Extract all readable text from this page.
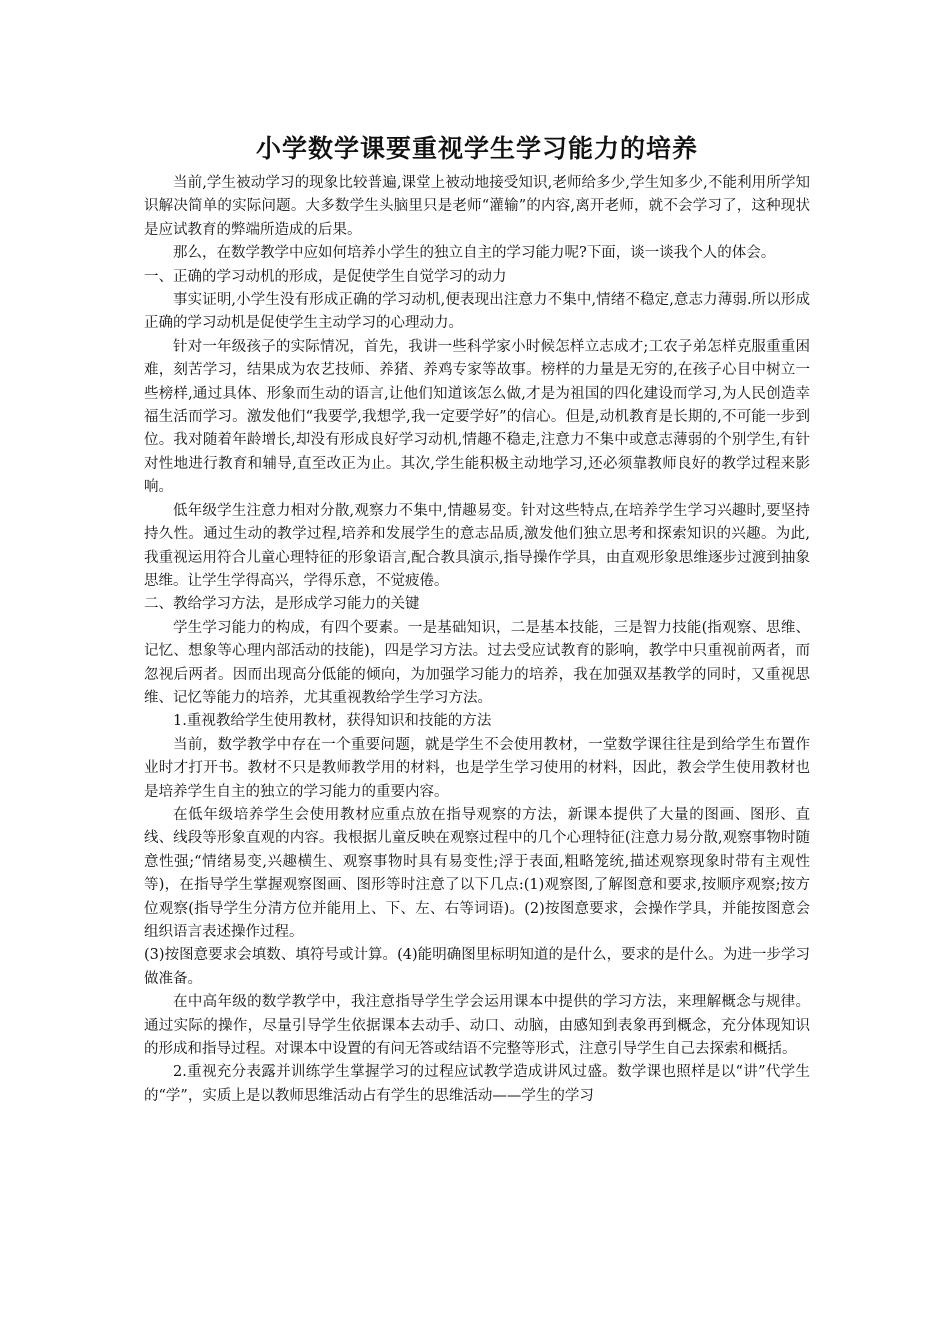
小学数学课要重视学生学习能力的培养

当前,学生被动学习的现象比较普遍,课堂上被动地接受知识,老师给多少,学生知多少,不能利用所学知识解决简单的实际问题。大多数学生头脑里只是老师“灌输”的内容,离开老师，就不会学习了，这种现状是应试教育的弊端所造成的后果。

那么，在数学教学中应如何培养小学生的独立自主的学习能力呢?下面，谈一谈我个人的体会。

一、正确的学习动机的形成，是促使学生自觉学习的动力

事实证明,小学生没有形成正确的学习动机,便表现出注意力不集中,情绪不稳定,意志力薄弱.所以形成正确的学习动机是促使学生主动学习的心理动力。

针对一年级孩子的实际情况，首先，我讲一些科学家小时候怎样立志成才;工农子弟怎样克服重重困难，刻苦学习，结果成为农艺技师、养猪、养鸡专家等故事。榜样的力量是无穷的,在孩子心目中树立一些榜样,通过具体、形象而生动的语言,让他们知道该怎么做,才是为祖国的四化建设而学习,为人民创造幸福生活而学习。激发他们“我要学,我想学,我一定要学好”的信心。但是,动机教育是长期的,不可能一步到位。我对随着年龄增长,却没有形成良好学习动机,情趣不稳走,注意力不集中或意志薄弱的个别学生,有针对性地进行教育和辅导,直至改正为止。其次,学生能积极主动地学习,还必须靠教师良好的教学过程来影响。

低年级学生注意力相对分散,观察力不集中,情趣易变。针对这些特点,在培养学生学习兴趣时,要坚持持久性。通过生动的教学过程,培养和发展学生的意志品质,激发他们独立思考和探索知识的兴趣。为此,我重视运用符合儿童心理特征的形象语言,配合教具演示,指导操作学具，由直观形象思维逐步过渡到抽象思维。让学生学得高兴，学得乐意，不觉疲倦。

二、教给学习方法，是形成学习能力的关键

学生学习能力的构成，有四个要素。一是基础知识，二是基本技能，三是智力技能(指观察、思维、记忆、想象等心理内部活动的技能)，四是学习方法。过去受应试教育的影响，教学中只重视前两者，而忽视后两者。因而出现高分低能的倾向，为加强学习能力的培养，我在加强双基教学的同时，又重视思维、记忆等能力的培养，尤其重视教给学生学习方法。

1.重视教给学生使用教材，获得知识和技能的方法

当前，数学教学中存在一个重要问题，就是学生不会使用教材，一堂数学课往往是到给学生布置作业时才打开书。教材不只是教师教学用的材料，也是学生学习使用的材料，因此，教会学生使用教材也是培养学生自主的独立的学习能力的重要内容。

在低年级培养学生会使用教材应重点放在指导观察的方法，新课本提供了大量的图画、图形、直线、线段等形象直观的内容。我根据儿童反映在观察过程中的几个心理特征(注意力易分散,观察事物时随意性强;“情绪易变,兴趣横生、观察事物时具有易变性;浮于表面,粗略笼统,描述观察现象时带有主观性等)，在指导学生掌握观察图画、图形等时注意了以下几点:(1)观察图,了解图意和要求,按顺序观察;按方位观察(指导学生分清方位并能用上、下、左、右等词语)。(2)按图意要求，会操作学具，并能按图意会组织语言表述操作过程。

(3)按图意要求会填数、填符号或计算。(4)能明确图里标明知道的是什么，要求的是什么。为进一步学习做准备。

在中高年级的数学教学中，我注意指导学生学会运用课本中提供的学习方法，来理解概念与规律。通过实际的操作，尽量引导学生依据课本去动手、动口、动脑，由感知到表象再到概念，充分体现知识的形成和指导过程。对课本中设置的有问无答或结语不完整等形式，注意引导学生自己去探索和概括。

2.重视充分表露并训练学生掌握学习的过程应试教学造成讲风过盛。数学课也照样是以“讲”代学生的“学”，实质上是以教师思维活动占有学生的思维活动——学生的学习
